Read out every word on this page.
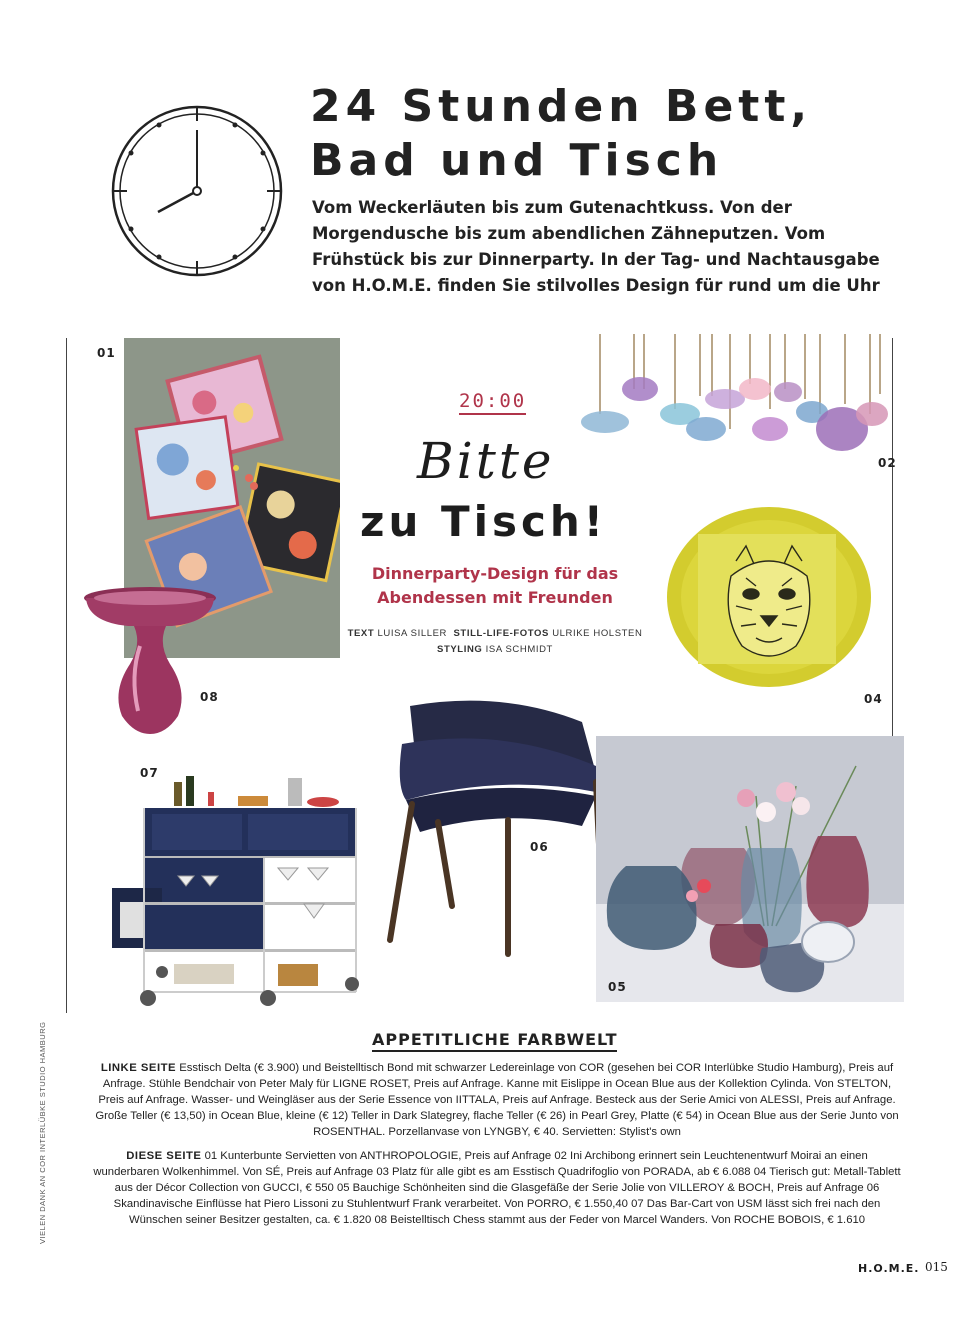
24 Stunden Bett,
Bad und Tisch

Vom Weckerläuten bis zum Gutenachtkuss. Von der Morgendusche bis zum abendlichen Zähneputzen. Vom Frühstück bis zur Dinnerparty. In der Tag- und Nachtausgabe von H.O.M.E. finden Sie stilvolles Design für rund um die Uhr

01
08
02
04
20:00
Bitte
zu Tisch!
Dinnerparty-Design für das
Abendessen mit Freunden
TEXT LUISA SILLER STILL-LIFE-FOTOS ULRIKE HOLSTEN
STYLING ISA SCHMIDT
07
06
05
APPETITLICHE FARBWELT
LINKE SEITE Esstisch Delta (€ 3.900) und Beistelltisch Bond mit schwarzer Ledereinlage von COR (gesehen bei COR Interlübke Studio Hamburg), Preis auf Anfrage. Stühle Bendchair von Peter Maly für LIGNE ROSET, Preis auf Anfrage. Kanne mit Eislippe in Ocean Blue aus der Kollektion Cylinda. Von STELTON, Preis auf Anfrage. Wasser- und Weingläser aus der Serie Essence von IITTALA, Preis auf Anfrage. Besteck aus der Serie Amici von ALESSI, Preis auf Anfrage. Große Teller (€ 13,50) in Ocean Blue, kleine (€ 12) Teller in Dark Slategrey, flache Teller (€ 26) in Pearl Grey, Platte (€ 54) in Ocean Blue aus der Serie Junto von ROSENTHAL. Porzellanvase von LYNGBY, € 40. Servietten: Stylist's own
DIESE SEITE 01 Kunterbunte Servietten von ANTHROPOLOGIE, Preis auf Anfrage 02 Ini Archibong erinnert sein Leuchtenentwurf Moirai an einen wunderbaren Wolkenhimmel. Von SÉ, Preis auf Anfrage 03 Platz für alle gibt es am Esstisch Quadrifoglio von PORADA, ab € 6.088 04 Tierisch gut: Metall-Tablett aus der Décor Collection von GUCCI, € 550 05 Bauchige Schönheiten sind die Glasgefäße der Serie Jolie von VILLEROY & BOCH, Preis auf Anfrage 06 Skandinavische Einflüsse hat Piero Lissoni zu Stuhlentwurf Frank verarbeitet. Von PORRO, € 1.550,40 07 Das Bar-Cart von USM lässt sich frei nach den Wünschen seiner Besitzer gestalten, ca. € 1.820 08 Beistelltisch Chess stammt aus der Feder von Marcel Wanders. Von ROCHE BOBOIS, € 1.610
VIELEN DANK AN COR INTERLÜBKE STUDIO HAMBURG
H.O.M.E. 015
